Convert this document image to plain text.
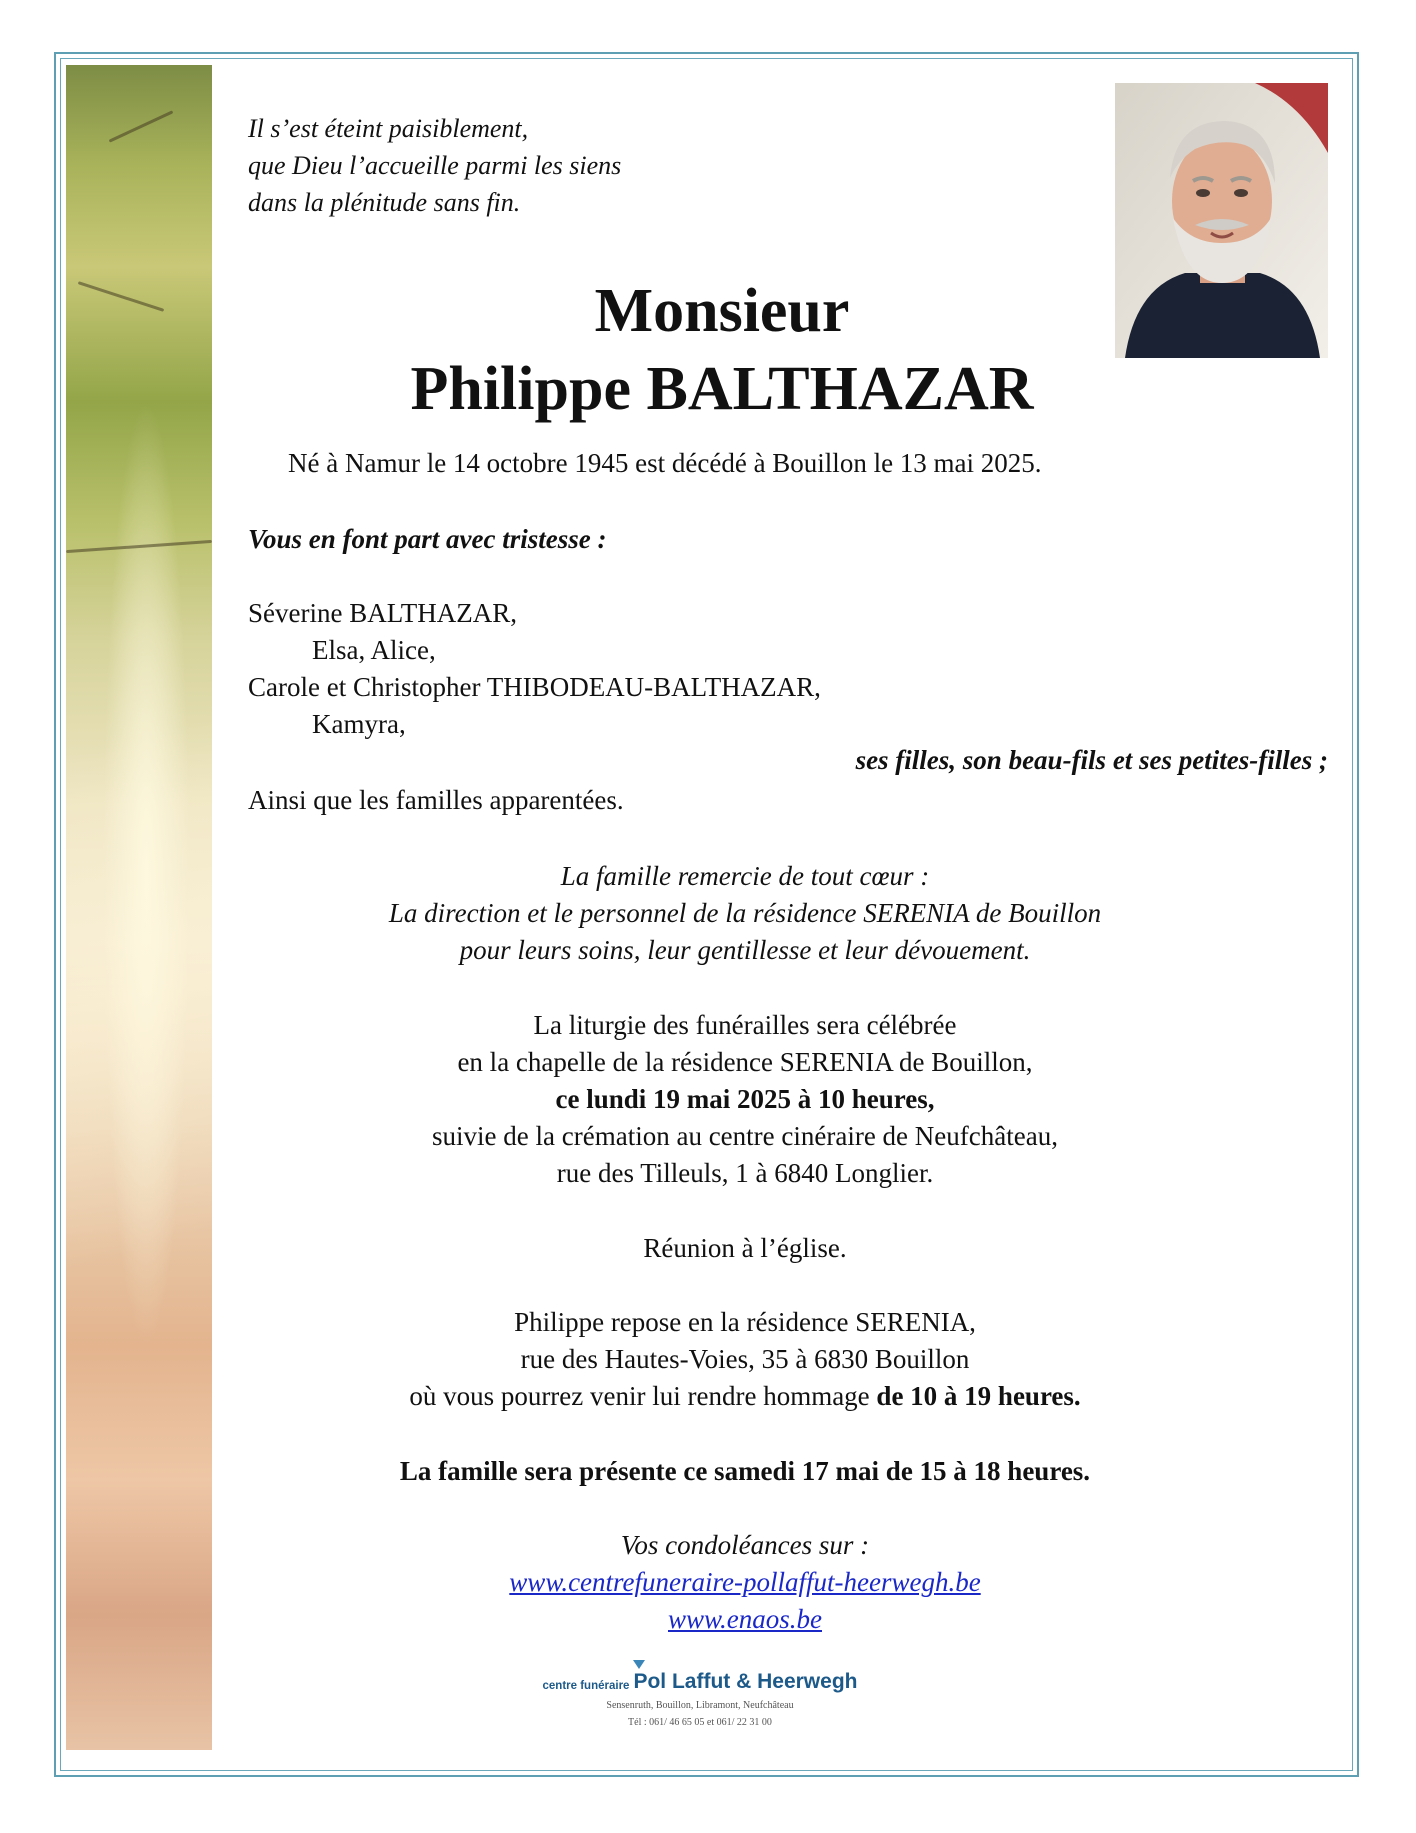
Il s’est éteint paisiblement,
que Dieu l’accueille parmi les siens
dans la plénitude sans fin.
Monsieur
Philippe BALTHAZAR
Né à Namur le 14 octobre 1945 est décédé à Bouillon le 13 mai 2025.
Vous en font part avec tristesse :
Séverine BALTHAZAR,
Elsa, Alice,
Carole et Christopher THIBODEAU-BALTHAZAR,
Kamyra,
ses filles, son beau-fils et ses petites-filles ;
Ainsi que les familles apparentées.
La famille remercie de tout cœur :
La direction et le personnel de la résidence SERENIA de Bouillon
pour leurs soins, leur gentillesse et leur dévouement.
La liturgie des funérailles sera célébrée
en la chapelle de la résidence SERENIA de Bouillon,
ce lundi 19 mai 2025 à 10 heures,
suivie de la crémation au centre cinéraire de Neufchâteau,
rue des Tilleuls, 1 à 6840 Longlier.
Réunion à l’église.
Philippe repose en la résidence SERENIA,
rue des Hautes-Voies, 35 à 6830 Bouillon
où vous pourrez venir lui rendre hommage de 10 à 19 heures.
La famille sera présente ce samedi 17 mai de 15 à 18 heures.
Vos condoléances sur :
www.centrefuneraire-pollaffut-heerwegh.be
www.enaos.be
centre funéraire Pol Laffut & Heerwegh
Sensenruth, Bouillon, Libramont, Neufchâteau
Tél : 061/ 46 65 05 et 061/ 22 31 00
